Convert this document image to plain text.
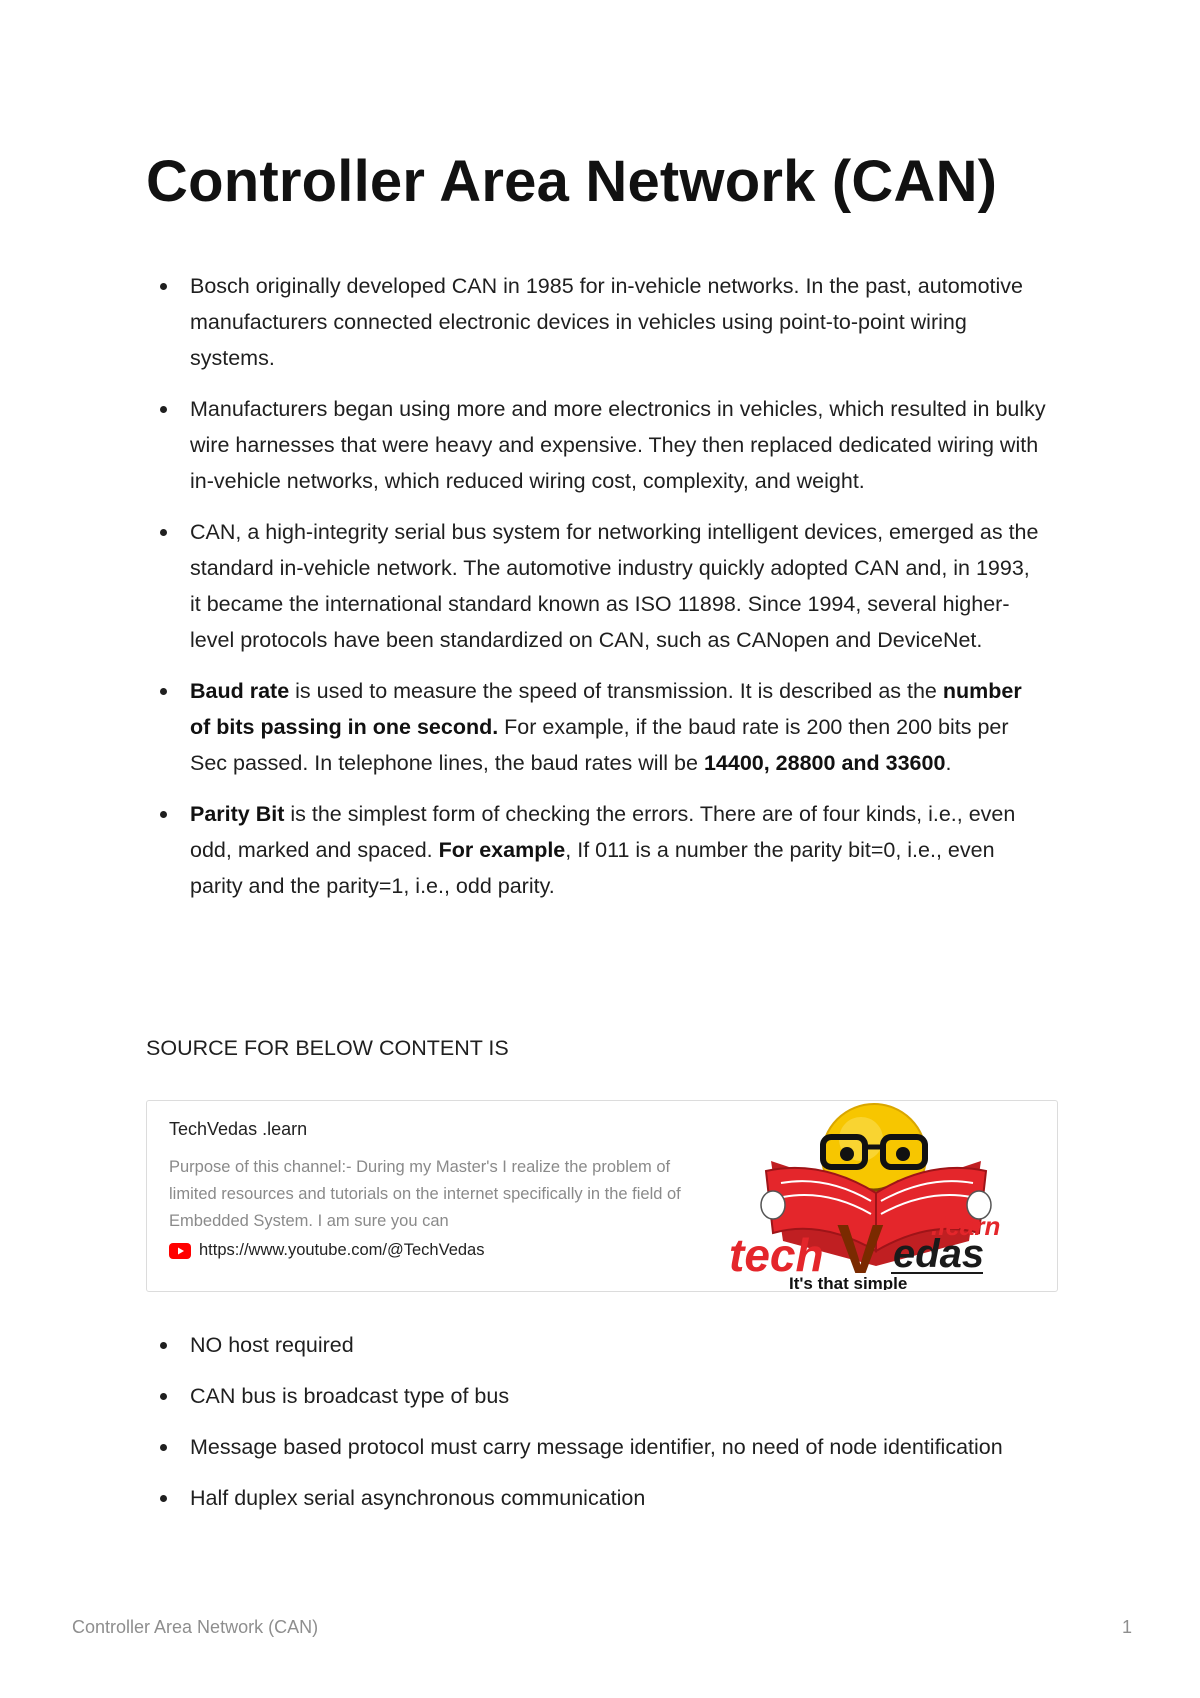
Controller Area Network (CAN)
Bosch originally developed CAN in 1985 for in-vehicle networks. In the past, automotive manufacturers connected electronic devices in vehicles using point-to-point wiring systems.
Manufacturers began using more and more electronics in vehicles, which resulted in bulky wire harnesses that were heavy and expensive. They then replaced dedicated wiring with in-vehicle networks, which reduced wiring cost, complexity, and weight.
CAN, a high-integrity serial bus system for networking intelligent devices, emerged as the standard in-vehicle network. The automotive industry quickly adopted CAN and, in 1993, it became the international standard known as ISO 11898. Since 1994, several higher-level protocols have been standardized on CAN, such as CANopen and DeviceNet.
Baud rate is used to measure the speed of transmission. It is described as the number of bits passing in one second. For example, if the baud rate is 200 then 200 bits per Sec passed. In telephone lines, the baud rates will be 14400, 28800 and 33600.
Parity Bit is the simplest form of checking the errors. There are of four kinds, i.e., even odd, marked and spaced. For example, If 011 is a number the parity bit=0, i.e., even parity and the parity=1, i.e., odd parity.
SOURCE FOR BELOW CONTENT IS
TechVedas .learn
Purpose of this channel:- During my Master's I realize the problem of limited resources and tutorials on the internet specifically in the field of Embedded System. I am sure you can
https://www.youtube.com/@TechVedas	tech V edas
.learn
It's that simple
NO host required
CAN bus is broadcast type of bus
Message based protocol must carry message identifier, no need of node identification
Half duplex serial asynchronous communication
Controller Area Network (CAN)	1
